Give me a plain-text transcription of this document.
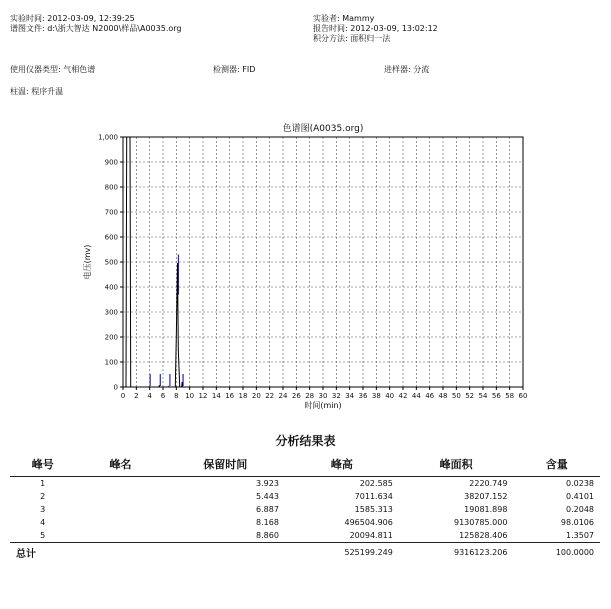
实验时间: 2012-03-09, 12:39:25
谱图文件: d:\浙大智达 N2000\样品\A0035.org
实验者: Mammy
报告时间: 2012-03-09, 13:02:12
积分方法: 面积归一法
使用仪器类型: 气相色谱	检测器: FID	进样器: 分流
柱温: 程序升温
色谱图(A0035.org)
0
100
200
300
400
500
600
700
800
900
1,000
0 2 4 6 8 10 12 14 16 18 20 22 24 26 28 30 32 34 36 38 40 42 44 46 48 50 52 54 56 58 60
时间(min)
电压(mv)
分析结果表
峰号	峰名	保留时间	峰高	峰面积	含量
1		3.923	202.585	2220.749	0.0238
2		5.443	7011.634	38207.152	0.4101
3		6.887	1585.313	19081.898	0.2048
4		8.168	496504.906	9130785.000	98.0106
5		8.860	20094.811	125828.406	1.3507
总计			525199.249	9316123.206	100.0000
